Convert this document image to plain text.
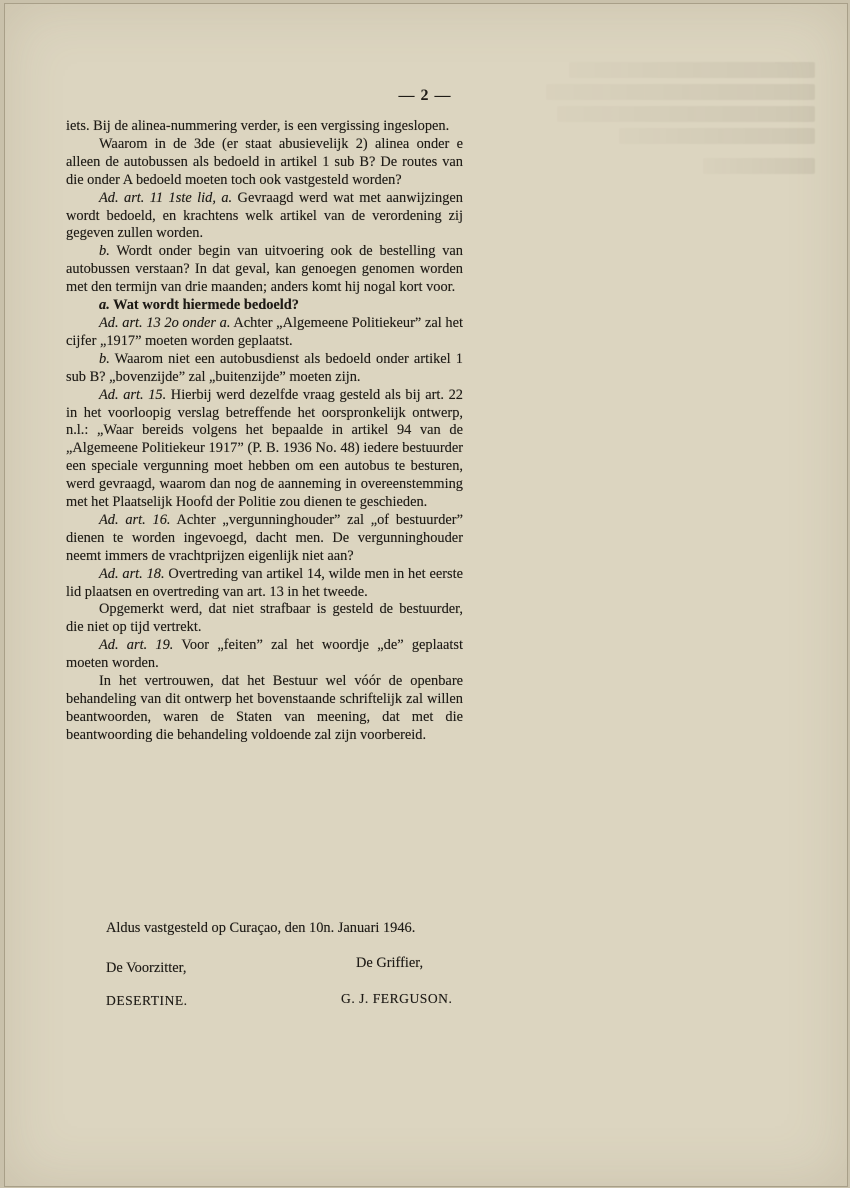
— 2 —

iets. Bij de alinea-nummering verder, is een vergissing ingeslopen.

Waarom in de 3de (er staat abusievelijk 2) alinea onder e alleen de autobussen als bedoeld in artikel 1 sub B? De routes van die onder A bedoeld moeten toch ook vastgesteld worden?

Ad. art. 11 1ste lid, a. Gevraagd werd wat met aanwijzingen wordt bedoeld, en krachtens welk artikel van de verordening zij gegeven zullen worden.

b. Wordt onder begin van uitvoering ook de bestelling van autobussen verstaan? In dat geval, kan genoegen genomen worden met den termijn van drie maanden; anders komt hij nogal kort voor.

a. Wat wordt hiermede bedoeld?

Ad. art. 13 2o onder a. Achter „Algemeene Politiekeur” zal het cijfer „1917” moeten worden geplaatst.

b. Waarom niet een autobusdienst als bedoeld onder artikel 1 sub B? „bovenzijde” zal „buitenzijde” moeten zijn.

Ad. art. 15. Hierbij werd dezelfde vraag gesteld als bij art. 22 in het voorloopig verslag betreffende het oorspronkelijk ontwerp, n.l.: „Waar bereids volgens het bepaalde in artikel 94 van de „Algemeene Politiekeur 1917” (P. B. 1936 No. 48) iedere bestuurder een speciale vergunning moet hebben om een autobus te besturen, werd gevraagd, waarom dan nog de aanneming in overeenstemming met het Plaatselijk Hoofd der Politie zou dienen te geschieden.

Ad. art. 16. Achter „vergunninghouder” zal „of bestuurder” dienen te worden ingevoegd, dacht men. De vergunninghouder neemt immers de vrachtprijzen eigenlijk niet aan?

Ad. art. 18. Overtreding van artikel 14, wilde men in het eerste lid plaatsen en overtreding van art. 13 in het tweede.

Opgemerkt werd, dat niet strafbaar is gesteld de bestuurder, die niet op tijd vertrekt.

Ad. art. 19. Voor „feiten” zal het woordje „de” geplaatst moeten worden.

In het vertrouwen, dat het Bestuur wel vóór de openbare behandeling van dit ontwerp het bovenstaande schriftelijk zal willen beantwoorden, waren de Staten van meening, dat met die beantwoording die behandeling voldoende zal zijn voorbereid.

Aldus vastgesteld op Curaçao, den 10n. Januari 1946.
De Voorzitter,	De Griffier,
DESERTINE.	G. J. FERGUSON.
